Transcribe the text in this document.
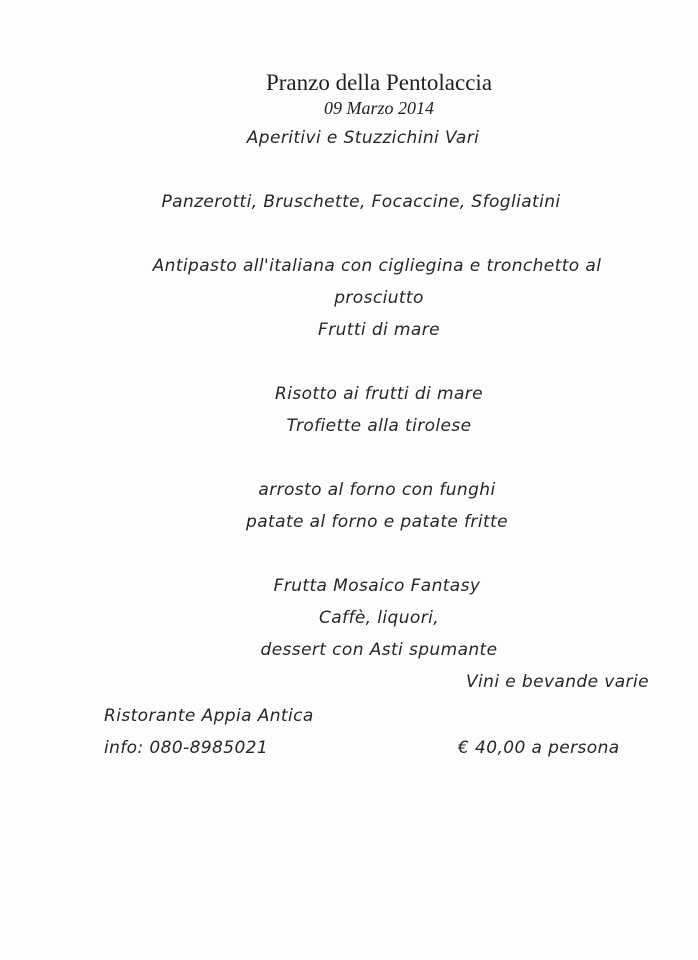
Pranzo della Pentolaccia
09 Marzo 2014
Aperitivi e Stuzzichini Vari
Panzerotti, Bruschette, Focaccine, Sfogliatini
Antipasto all'italiana con cigliegina e tronchetto al
prosciutto
Frutti di mare
Risotto ai frutti di mare
Trofiette alla tirolese
arrosto al forno con funghi
patate al forno e patate fritte
Frutta Mosaico Fantasy
Caffè, liquori,
dessert con Asti spumante
Vini e bevande varie
Ristorante Appia Antica
info: 080-8985021	€ 40,00 a persona
